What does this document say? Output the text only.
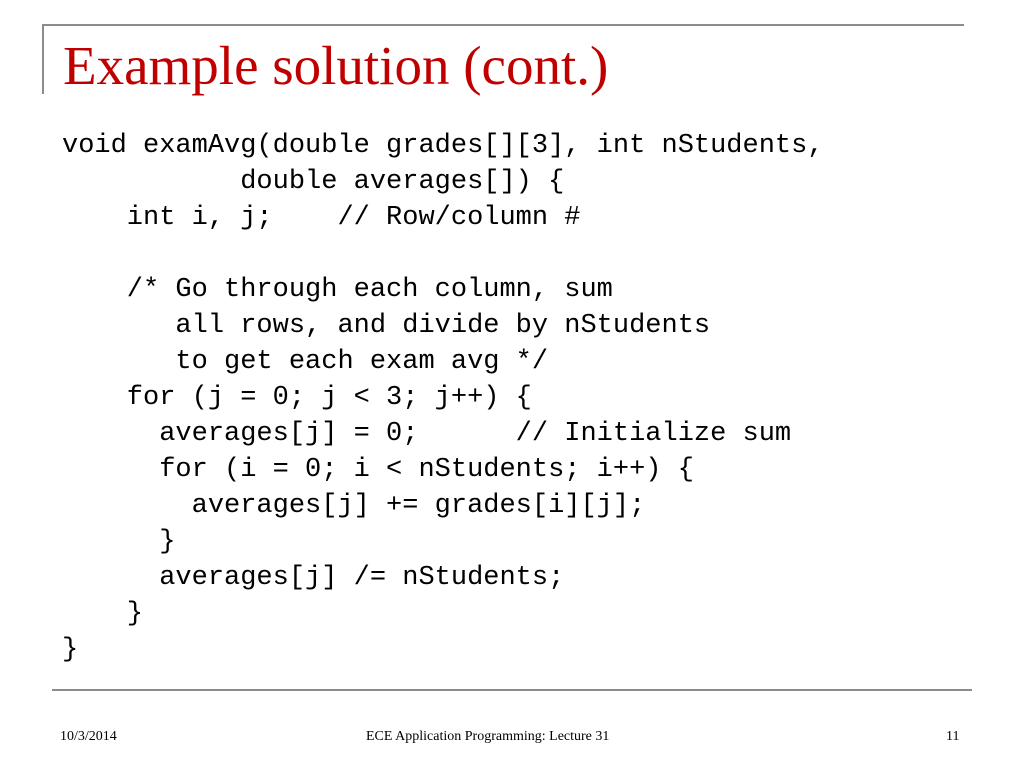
Example solution (cont.)
void examAvg(double grades[][3], int nStudents,
double averages[]) {
int i, j;    // Row/column #
/* Go through each column, sum
all rows, and divide by nStudents
to get each exam avg */
for (j = 0; j < 3; j++) {
averages[j] = 0;      // Initialize sum
for (i = 0; i < nStudents; i++) {
averages[j] += grades[i][j];
}
averages[j] /= nStudents;
}
}
10/3/2014	ECE Application Programming: Lecture 31	11
